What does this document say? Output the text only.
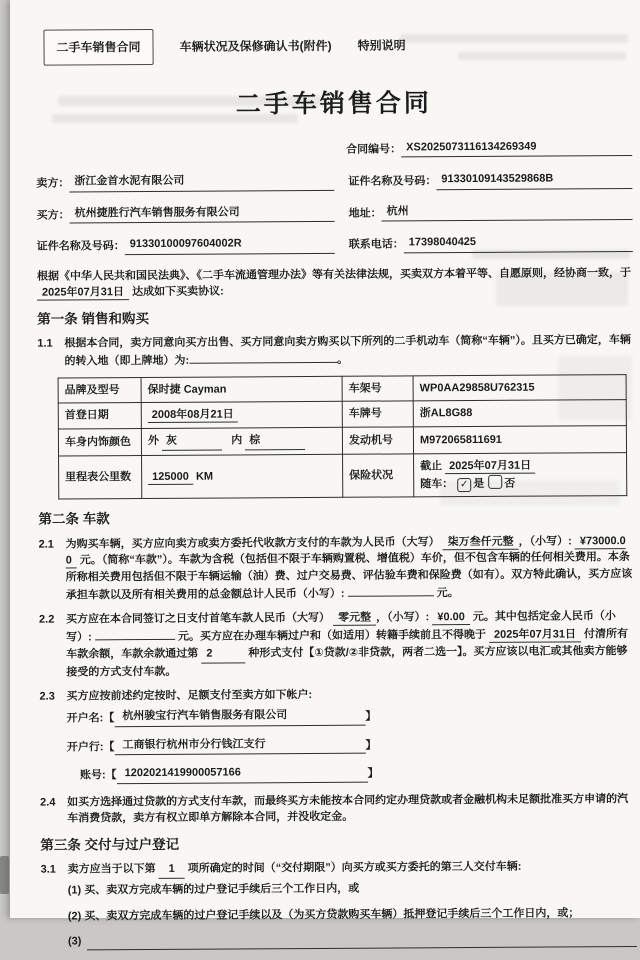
二手车销售合同	车辆状况及保修确认书(附件) 特别说明
二手车销售合同
合同编号： XS2025073116134269349
卖方： 浙江金首水泥有限公司	证件名称及号码： 91330109143529868B
买方： 杭州捷胜行汽车销售服务有限公司	地址： 杭州
证件名称及号码： 91330100097604002R	联系电话： 17398040425

根据《中华人民共和国民法典》、《二手车流通管理办法》等有关法律法规，买卖双方本着平等、自愿原则，经协商一致，于 2025年07月31日 达成如下买卖协议:

第一条 销售和购买
1.1	根据本合同，卖方同意向买方出售、买方同意向卖方购买以下所列的二手机动车（简称“车辆”）。且买方已确定，车辆的转入地（即上牌地）为:	。
品牌及型号	保时捷 Cayman	车架号	WP0AA29858U762315
首登日期	2008年08月21日	车牌号	浙AL8G88
车身内饰颜色	外 灰 内 棕	发动机号	M972065811691
里程表公里数	125000 KM	保险状况	截止 2025年07月31日
随车： ✓ 是 否
第二条 车款
2.1	为购买车辆，买方应向卖方或卖方委托代收款方支付的车款为人民币（大写） 柒万叁仟元整 ，（小写）: ¥73000.00 元。（简称“车款”）。车款为含税（包括但不限于车辆购置税、增值税）车价，但不包含车辆的任何相关费用。本条所称相关费用包括但不限于车辆运输（油）费、过户交易费、评估验车费和保险费（如有）。双方特此确认，买方应该承担车款以及所有相关费用的总金额总计人民币（小写）:	元。
2.2	买方应在本合同签订之日支付首笔车款人民币（大写） 零元整 ，（小写）: ¥0.00 元。其中包括定金人民币（小写）:	元。买方应在办理车辆过户和（如适用）转籍手续前且不得晚于 2025年07月31日 付清所有车款余额，车款余款通过第 2	种形式支付【①贷款/②非贷款，两者二选一】。买方应该以电汇或其他卖方能够接受的方式支付车款。
2.3	买方应按前述约定按时、足额支付至卖方如下帐户:
开户名:【 杭州骏宝行汽车销售服务有限公司	】
开户行:【 工商银行杭州市分行钱江支行	】
账号:【 1202021419900057166	】
2.4	如买方选择通过贷款的方式支付车款，而最终买方未能按本合同约定办理贷款或者金融机构未足额批准买方申请的汽车消费贷款，卖方有权立即单方解除本合同，并没收定金。
第三条 交付与过户登记
3.1	卖方应当于以下第 1 项所确定的时间（“交付期限”）向买方或买方委托的第三人交付车辆:
(1) 买、卖双方完成车辆的过户登记手续后三个工作日内，或
(2) 买、卖双方完成车辆的过户登记手续以及（为买方贷款购买车辆）抵押登记手续后三个工作日内，或；
(3)
